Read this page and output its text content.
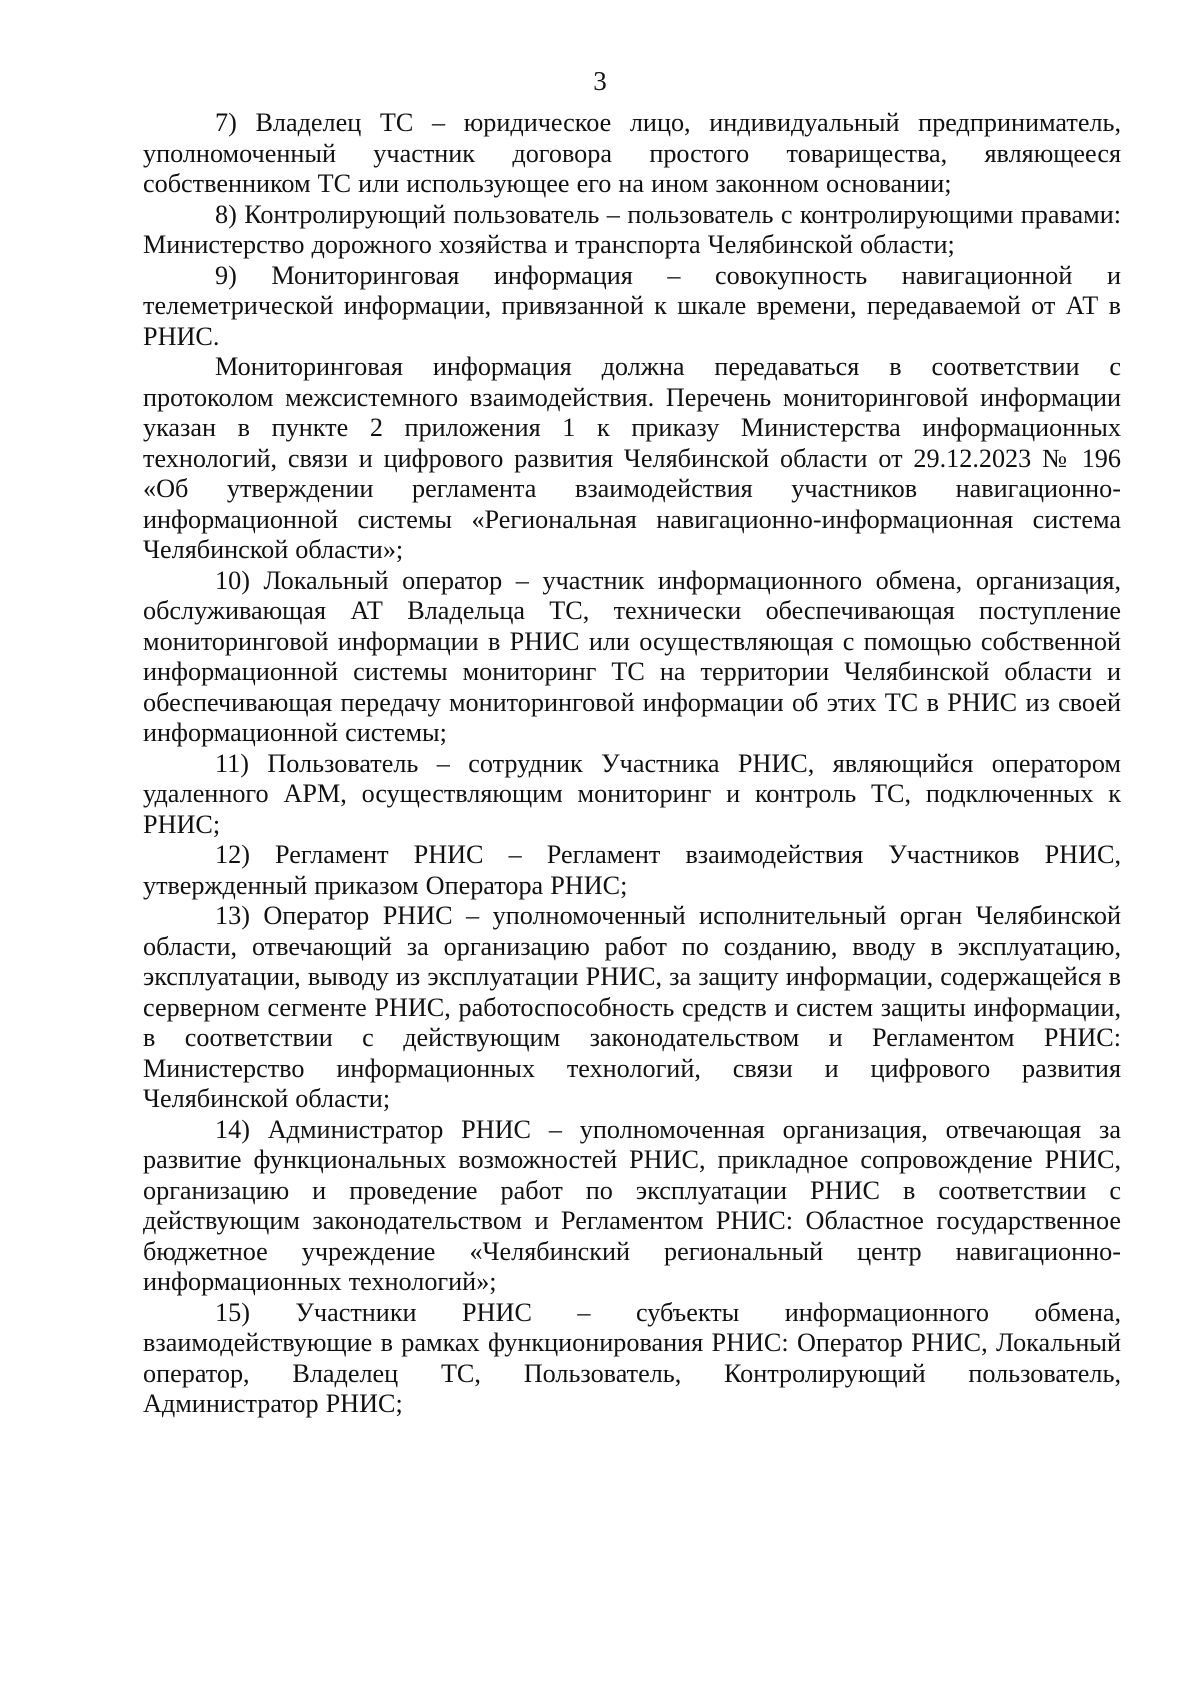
3

7) Владелец ТС – юридическое лицо, индивидуальный предприниматель, уполномоченный участник договора простого товарищества, являющееся собственником ТС или использующее его на ином законном основании;

8) Контролирующий пользователь – пользователь с контролирующими правами: Министерство дорожного хозяйства и транспорта Челябинской области;

9) Мониторинговая информация – совокупность навигационной и телеметрической информации, привязанной к шкале времени, передаваемой от АТ в РНИС.

Мониторинговая информация должна передаваться в соответствии с протоколом межсистемного взаимодействия. Перечень мониторинговой информации указан в пункте 2 приложения 1 к приказу Министерства информационных технологий, связи и цифрового развития Челябинской области от 29.12.2023 № 196 «Об утверждении регламента взаимодействия участников навигационно-информационной системы «Региональная навигационно-информационная система Челябинской области»;

10) Локальный оператор – участник информационного обмена, организация, обслуживающая АТ Владельца ТС, технически обеспечивающая поступление мониторинговой информации в РНИС или осуществляющая с помощью собственной информационной системы мониторинг ТС на территории Челябинской области и обеспечивающая передачу мониторинговой информации об этих ТС в РНИС из своей информационной системы;

11) Пользователь – сотрудник Участника РНИС, являющийся оператором удаленного АРМ, осуществляющим мониторинг и контроль ТС, подключенных к РНИС;

12) Регламент РНИС – Регламент взаимодействия Участников РНИС, утвержденный приказом Оператора РНИС;

13) Оператор РНИС – уполномоченный исполнительный орган Челябинской области, отвечающий за организацию работ по созданию, вводу в эксплуатацию, эксплуатации, выводу из эксплуатации РНИС, за защиту информации, содержащейся в серверном сегменте РНИС, работоспособность средств и систем защиты информации, в соответствии с действующим законодательством и Регламентом РНИС: Министерство информационных технологий, связи и цифрового развития Челябинской области;

14) Администратор РНИС – уполномоченная организация, отвечающая за развитие функциональных возможностей РНИС, прикладное сопровождение РНИС, организацию и проведение работ по эксплуатации РНИС в соответствии с действующим законодательством и Регламентом РНИС: Областное государственное бюджетное учреждение «Челябинский региональный центр навигационно-информационных технологий»;

15) Участники РНИС – субъекты информационного обмена, взаимодействующие в рамках функционирования РНИС: Оператор РНИС, Локальный оператор, Владелец ТС, Пользователь, Контролирующий пользователь, Администратор РНИС;
